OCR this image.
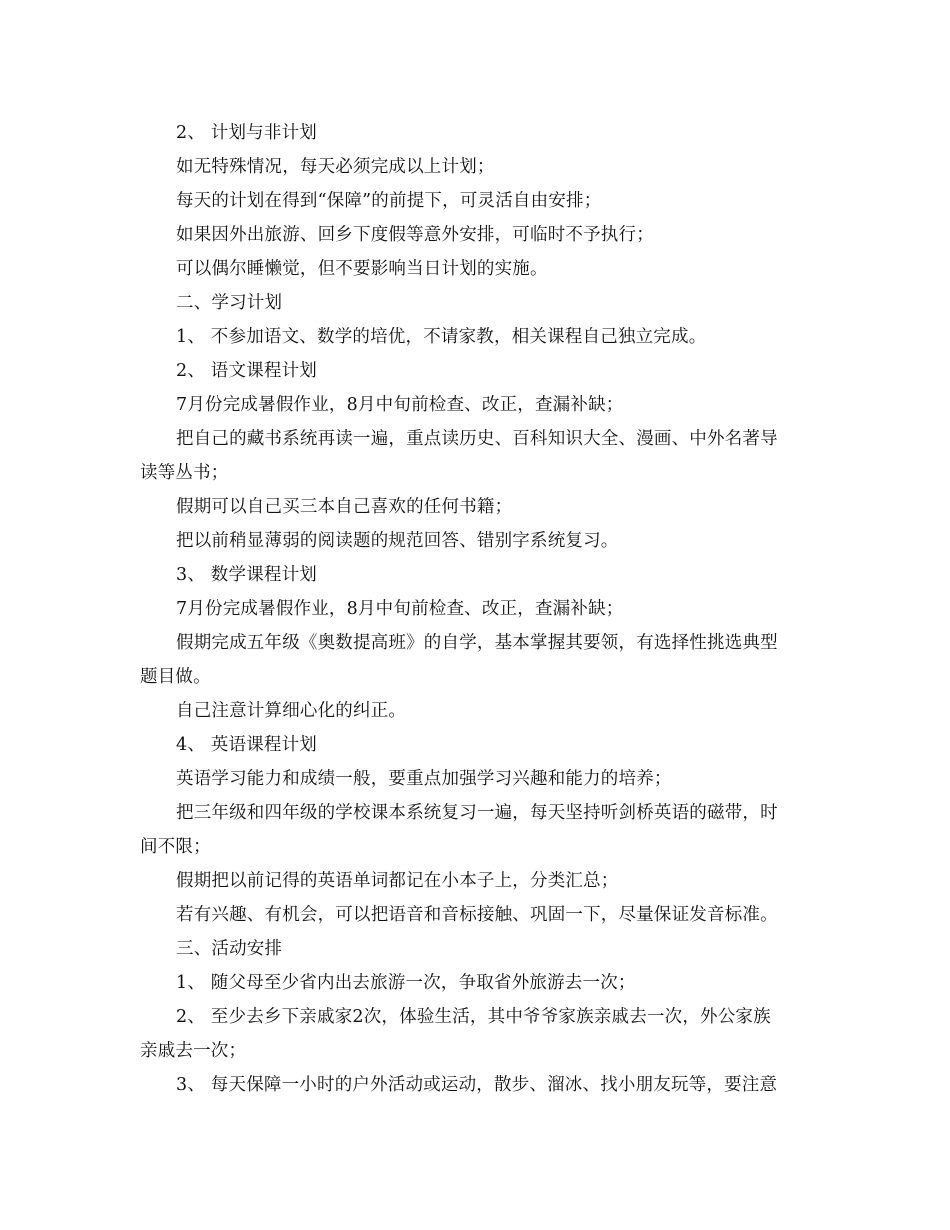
2、 计划与非计划
如无特殊情况，每天必须完成以上计划；
每天的计划在得到“保障”的前提下，可灵活自由安排；
如果因外出旅游、回乡下度假等意外安排，可临时不予执行；
可以偶尔睡懒觉，但不要影响当日计划的实施。
二、学习计划
1、 不参加语文、数学的培优，不请家教，相关课程自己独立完成。
2、 语文课程计划
7月份完成暑假作业，8月中旬前检查、改正，查漏补缺；
把自己的藏书系统再读一遍，重点读历史、百科知识大全、漫画、中外名著导
读等丛书；
假期可以自己买三本自己喜欢的任何书籍；
把以前稍显薄弱的阅读题的规范回答、错别字系统复习。
3、 数学课程计划
7月份完成暑假作业，8月中旬前检查、改正，查漏补缺；
假期完成五年级《奥数提高班》的自学，基本掌握其要领，有选择性挑选典型
题目做。
自己注意计算细心化的纠正。
4、 英语课程计划
英语学习能力和成绩一般，要重点加强学习兴趣和能力的培养；
把三年级和四年级的学校课本系统复习一遍，每天坚持听剑桥英语的磁带，时
间不限；
假期把以前记得的英语单词都记在小本子上，分类汇总；
若有兴趣、有机会，可以把语音和音标接触、巩固一下，尽量保证发音标准。
三、活动安排
1、 随父母至少省内出去旅游一次，争取省外旅游去一次；
2、 至少去乡下亲戚家2次，体验生活，其中爷爷家族亲戚去一次，外公家族
亲戚去一次；
3、 每天保障一小时的户外活动或运动，散步、溜冰、找小朋友玩等，要注意
